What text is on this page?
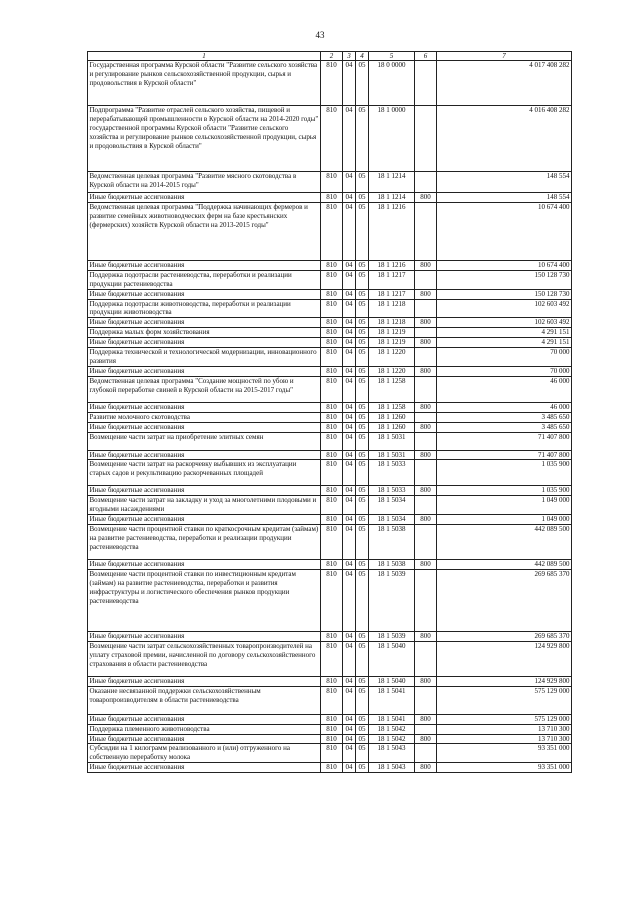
43
1	2	3	4	5	6	7
Государственная программа Курской области "Развитие сельского хозяйства и регулирование рынков сельскохозяйственной продукции, сырья и продовольствия в Курской области"	810	04	05	18 0 0000		4 017 408 282
Подпрограмма "Развитие отраслей сельского хозяйства, пищевой и перерабатывающей промышленности в Курской области на 2014-2020 годы" государственной программы Курской области "Развитие сельского хозяйства и регулирование рынков сельскохозяйственной продукции, сырья и продовольствия в Курской области"	810	04	05	18 1 0000		4 016 408 282
Ведомственная целевая программа "Развитие мясного скотоводства в Курской области на 2014-2015 годы"	810	04	05	18 1 1214		148 554
Иные бюджетные ассигнования	810	04	05	18 1 1214	800	148 554
Ведомственная целевая программа "Поддержка начинающих фермеров и развитие семейных животноводческих ферм на базе крестьянских (фермерских) хозяйств Курской области на 2013-2015 годы"	810	04	05	18 1 1216		10 674 400
Иные бюджетные ассигнования	810	04	05	18 1 1216	800	10 674 400
Поддержка подотрасли растениеводства, переработки и реализации продукции растениеводства	810	04	05	18 1 1217		150 128 730
Иные бюджетные ассигнования	810	04	05	18 1 1217	800	150 128 730
Поддержка подотрасли животноводства, переработки и реализации продукции животноводства	810	04	05	18 1 1218		102 603 492
Иные бюджетные ассигнования	810	04	05	18 1 1218	800	102 603 492
Поддержка малых форм хозяйствования	810	04	05	18 1 1219		4 291 151
Иные бюджетные ассигнования	810	04	05	18 1 1219	800	4 291 151
Поддержка технической и технологической модернизации, инновационного развития	810	04	05	18 1 1220		70 000
Иные бюджетные ассигнования	810	04	05	18 1 1220	800	70 000
Ведомственная целевая программа "Создание мощностей по убою и глубокой переработке свиней в Курской области на 2015-2017 годы"	810	04	05	18 1 1258		46 000
Иные бюджетные ассигнования	810	04	05	18 1 1258	800	46 000
Развитие молочного скотоводства	810	04	05	18 1 1260		3 485 650
Иные бюджетные ассигнования	810	04	05	18 1 1260	800	3 485 650
Возмещение части затрат на приобретение элитных семян	810	04	05	18 1 5031		71 407 800
Иные бюджетные ассигнования	810	04	05	18 1 5031	800	71 407 800
Возмещение части затрат на раскорчевку выбывших из эксплуатации старых садов и рекультивацию раскорчеванных площадей	810	04	05	18 1 5033		1 035 900
Иные бюджетные ассигнования	810	04	05	18 1 5033	800	1 035 900
Возмещение части затрат на закладку и уход за многолетними плодовыми и ягодными насаждениями	810	04	05	18 1 5034		1 049 000
Иные бюджетные ассигнования	810	04	05	18 1 5034	800	1 049 000
Возмещение части процентной ставки по краткосрочным кредитам (займам) на развитие растениеводства, переработки и реализации продукции растениеводства	810	04	05	18 1 5038		442 089 500
Иные бюджетные ассигнования	810	04	05	18 1 5038	800	442 089 500
Возмещение части процентной ставки по инвестиционным кредитам (займам) на развитие растениеводства, переработки и развития инфраструктуры и логистического обеспечения рынков продукции растениеводства	810	04	05	18 1 5039		269 685 370
Иные бюджетные ассигнования	810	04	05	18 1 5039	800	269 685 370
Возмещение части затрат сельскохозяйственных товаропроизводителей на уплату страховой премии, начисленной по договору сельскохозяйственного страхования в области растениеводства	810	04	05	18 1 5040		124 929 800
Иные бюджетные ассигнования	810	04	05	18 1 5040	800	124 929 800
Оказание несвязанной поддержки сельскохозяйственным товаропроизводителям в области растениеводства	810	04	05	18 1 5041		575 129 000
Иные бюджетные ассигнования	810	04	05	18 1 5041	800	575 129 000
Поддержка племенного животноводства	810	04	05	18 1 5042		13 710 300
Иные бюджетные ассигнования	810	04	05	18 1 5042	800	13 710 300
Субсидии на 1 килограмм реализованного и (или) отгруженного на собственную переработку молока	810	04	05	18 1 5043		93 351 000
Иные бюджетные ассигнования	810	04	05	18 1 5043	800	93 351 000
